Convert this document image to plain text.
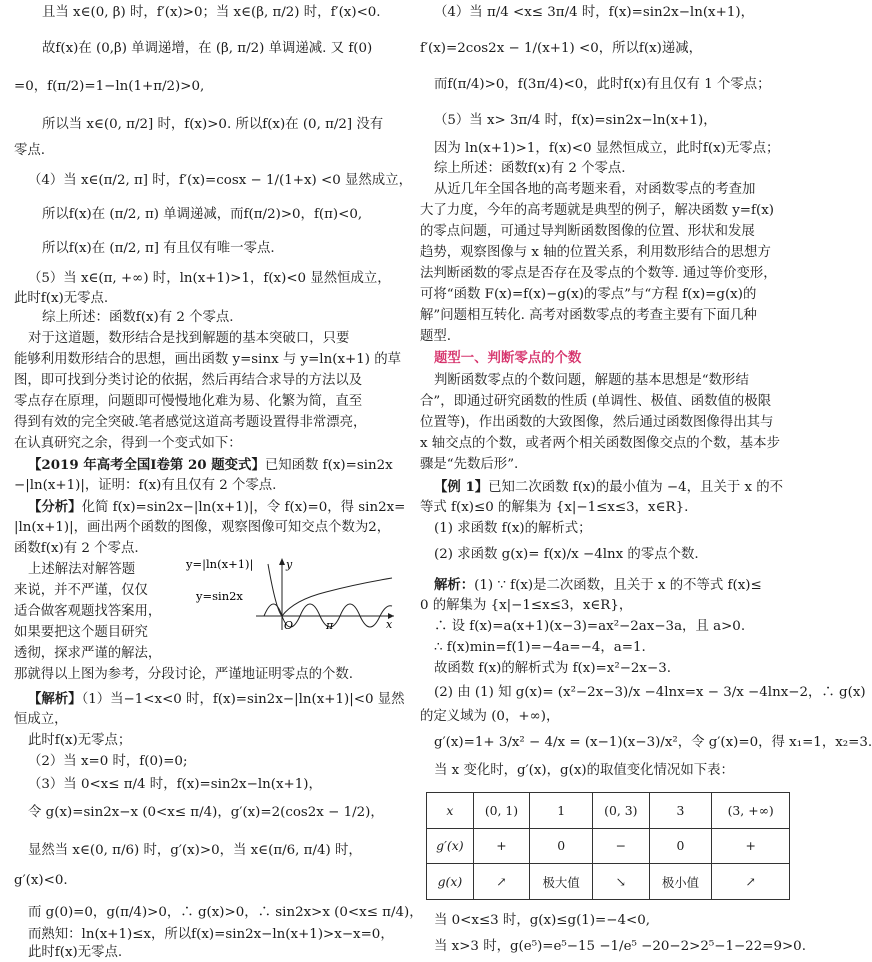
且当 x∈(0, β) 时，f′(x)>0；当 x∈(β, π/2) 时，f′(x)<0.
故f(x)在 (0,β) 单调递增，在 (β, π/2) 单调递减. 又 f(0)
=0，f(π/2)=1−ln(1+π/2)>0,
所以当 x∈(0, π/2] 时，f(x)>0. 所以f(x)在 (0, π/2] 没有
零点.
（4）当 x∈(π/2, π] 时，f′(x)=cosx − 1/(1+x) <0 显然成立，
所以f(x)在 (π/2, π) 单调递减，而f(π/2)>0，f(π)<0,
所以f(x)在 (π/2, π] 有且仅有唯一零点.
（5）当 x∈(π, +∞) 时，ln(x+1)>1，f(x)<0 显然恒成立，
此时f(x)无零点.
综上所述：函数f(x)有 2 个零点.
对于这道题，数形结合是找到解题的基本突破口，只要
能够利用数形结合的思想，画出函数 y=sinx 与 y=ln(x+1) 的草
图，即可找到分类讨论的依据，然后再结合求导的方法以及
零点存在原理，问题即可慢慢地化难为易、化繁为简，直至
得到有效的完全突破.笔者感觉这道高考题设置得非常漂亮，
在认真研究之余，得到一个变式如下：
【2019 年高考全国Ⅰ卷第 20 题变式】已知函数 f(x)=sin2x
−|ln(x+1)|，证明：f(x)有且仅有 2 个零点.
【分析】化简 f(x)=sin2x−|ln(x+1)|，令 f(x)=0，得 sin2x=
|ln(x+1)|，画出两个函数的图像，观察图像可知交点个数为2，
函数f(x)有 2 个零点.
上述解法对解答题
来说，并不严谨，仅仅
适合做客观题找答案用，
如果要把这个题目研究
透彻，探求严谨的解法，
那就得以上图为参考，分段讨论，严谨地证明零点的个数.
y=|ln(x+1)|
y=sin2x
y
x
O	π
【解析】（1）当−1<x<0 时，f(x)=sin2x−|ln(x+1)|<0 显然
恒成立，
此时f(x)无零点；
（2）当 x=0 时，f(0)=0;
（3）当 0<x≤ π/4 时，f(x)=sin2x−ln(x+1)，
令 g(x)=sin2x−x (0<x≤ π/4)，g′(x)=2(cos2x − 1/2)，
显然当 x∈(0, π/6) 时，g′(x)>0，当 x∈(π/6, π/4) 时，
g′(x)<0.
而 g(0)=0，g(π/4)>0，∴ g(x)>0，∴ sin2x>x (0<x≤ π/4)，
而熟知：ln(x+1)≤x，所以f(x)=sin2x−ln(x+1)>x−x=0，
此时f(x)无零点.
（4）当 π/4 <x≤ 3π/4 时，f(x)=sin2x−ln(x+1)，
f′(x)=2cos2x − 1/(x+1) <0，所以f(x)递减，
而f(π/4)>0，f(3π/4)<0，此时f(x)有且仅有 1 个零点；
（5）当 x> 3π/4 时，f(x)=sin2x−ln(x+1)，
因为 ln(x+1)>1，f(x)<0 显然恒成立，此时f(x)无零点；
综上所述：函数f(x)有 2 个零点.
从近几年全国各地的高考题来看，对函数零点的考查加
大了力度，今年的高考题就是典型的例子，解决函数 y=f(x)
的零点问题，可通过导判断函数图像的位置、形状和发展
趋势，观察图像与 x 轴的位置关系，利用数形结合的思想方
法判断函数的零点是否存在及零点的个数等. 通过等价变形，
可将“函数 F(x)=f(x)−g(x)的零点”与“方程 f(x)=g(x)的
解”问题相互转化. 高考对函数零点的考查主要有下面几种
题型.
题型一、判断零点的个数
判断函数零点的个数问题，解题的基本思想是“数形结
合”，即通过研究函数的性质 (单调性、极值、函数值的极限
位置等)，作出函数的大致图像，然后通过函数图像得出其与
x 轴交点的个数，或者两个相关函数图像交点的个数，基本步
骤是“先数后形”.
【例 1】已知二次函数 f(x)的最小值为 −4，且关于 x 的不
等式 f(x)≤0 的解集为 {x|−1≤x≤3，x∈R}.
(1) 求函数 f(x)的解析式；
(2) 求函数 g(x)= f(x)/x −4lnx 的零点个数.
解析：(1) ∵ f(x)是二次函数，且关于 x 的不等式 f(x)≤
0 的解集为 {x|−1≤x≤3，x∈R}，
∴ 设 f(x)=a(x+1)(x−3)=ax²−2ax−3a，且 a>0.
∴ f(x)min=f(1)=−4a=−4，a=1.
故函数 f(x)的解析式为 f(x)=x²−2x−3.
(2) 由 (1) 知 g(x)= (x²−2x−3)/x −4lnx=x − 3/x −4lnx−2，∴ g(x)
的定义域为 (0，+∞)，
g′(x)=1+ 3/x² − 4/x = (x−1)(x−3)/x²，令 g′(x)=0，得 x₁=1，x₂=3.
当 x 变化时，g′(x)，g(x)的取值变化情况如下表：
x	(0, 1)	1	(0, 3)	3	(3, +∞)
g′(x)	+	0	−	0	+
g(x)	↗	极大值	↘	极小值	↗
当 0<x≤3 时，g(x)≤g(1)=−4<0,
当 x>3 时，g(e⁵)=e⁵−15 −1/e⁵ −20−2>2⁵−1−22=9>0.
